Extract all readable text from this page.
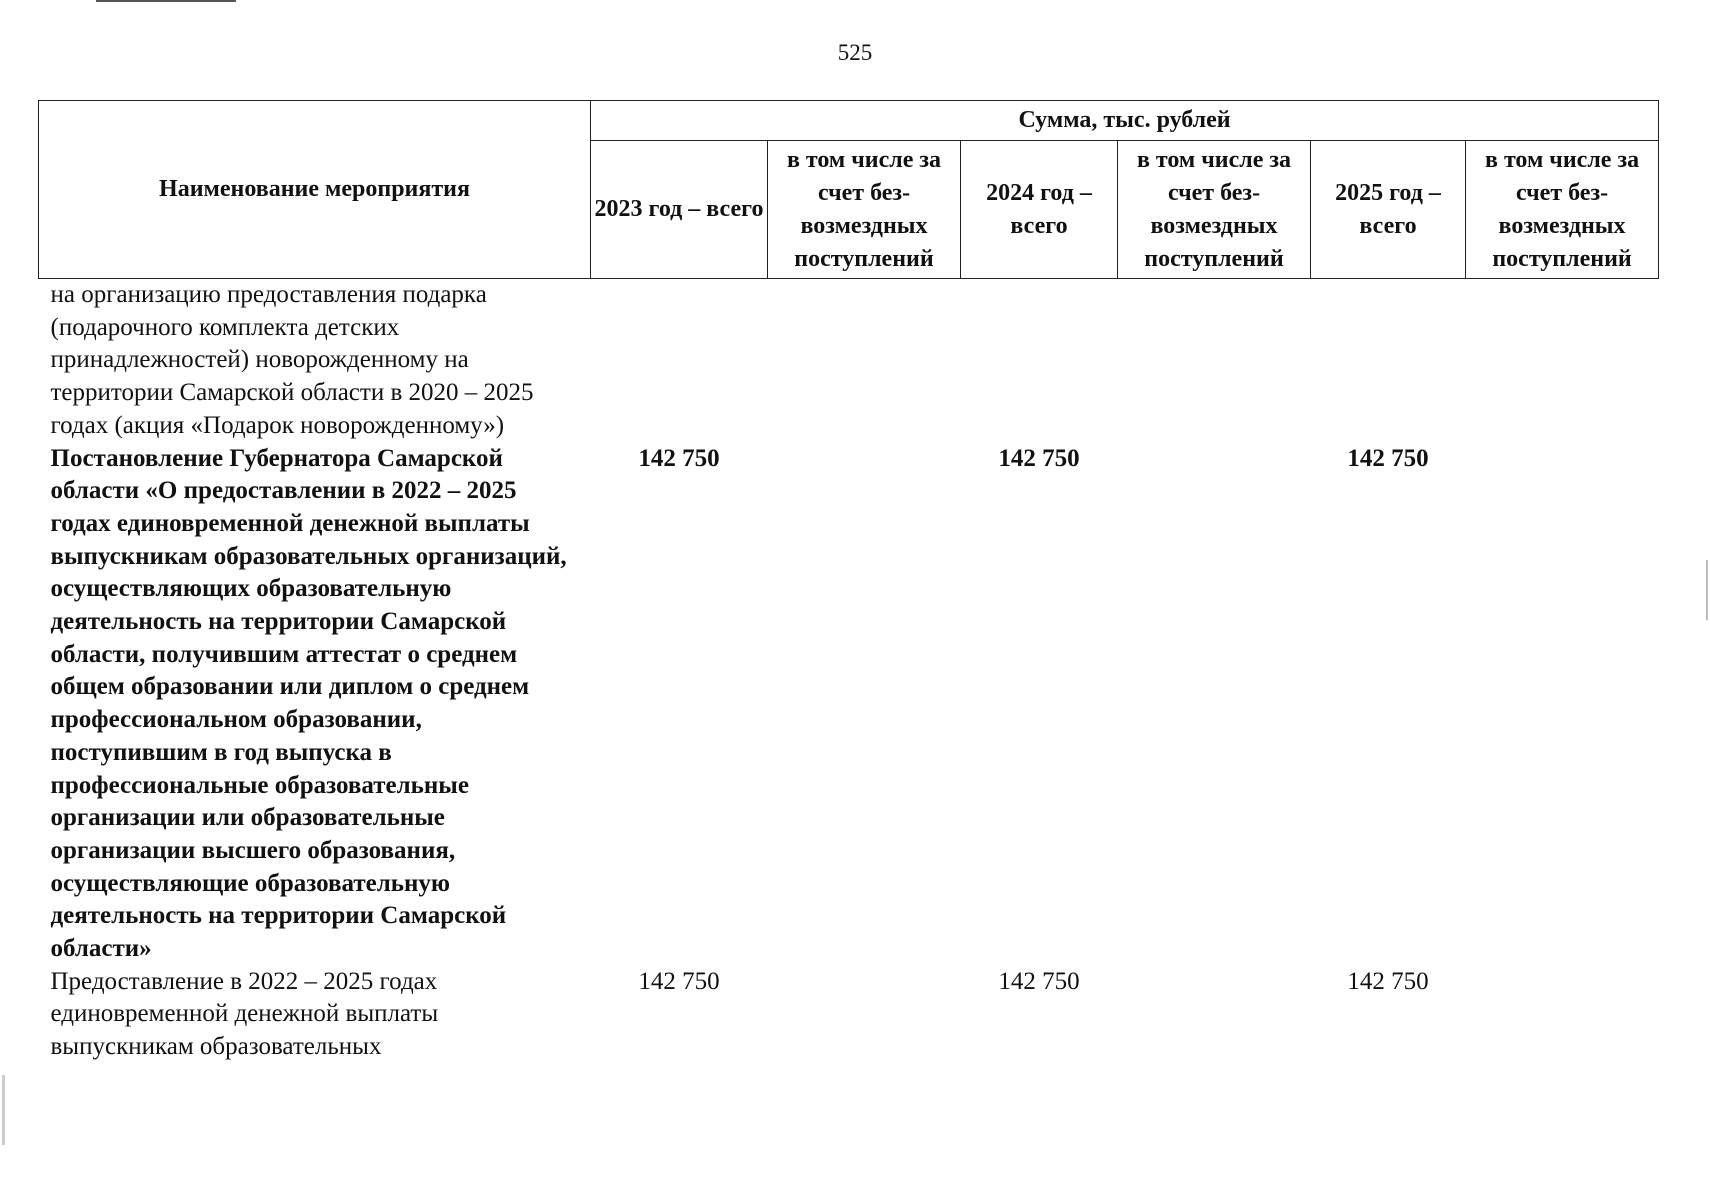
525
Наименование мероприятия	Сумма, тыс. рублей					
	2023 год – всего	в том числе за счет без-возмездных поступлений	2024 год – всего	в том числе за счет без-возмездных поступлений	2025 год – всего	в том числе за счет без-возмездных поступлений
на организацию предоставления подарка (подарочного комплекта детских принадлежностей) новорожденному на территории Самарской области в 2020 – 2025 годах (акция «Подарок новорожденному»)						
Постановление Губернатора Самарской области «О предоставлении в 2022 – 2025 годах единовременной денежной выплаты выпускникам образовательных организаций, осуществляющих образовательную деятельность на территории Самарской области, получившим аттестат о среднем общем образовании или диплом о среднем профессиональном образовании, поступившим в год выпуска в профессиональные образовательные организации или образовательные организации высшего образования, осуществляющие образовательную деятельность на территории Самарской области»	142 750		142 750		142 750	
Предоставление в 2022 – 2025 годах единовременной денежной выплаты выпускникам образовательных	142 750		142 750		142 750	
